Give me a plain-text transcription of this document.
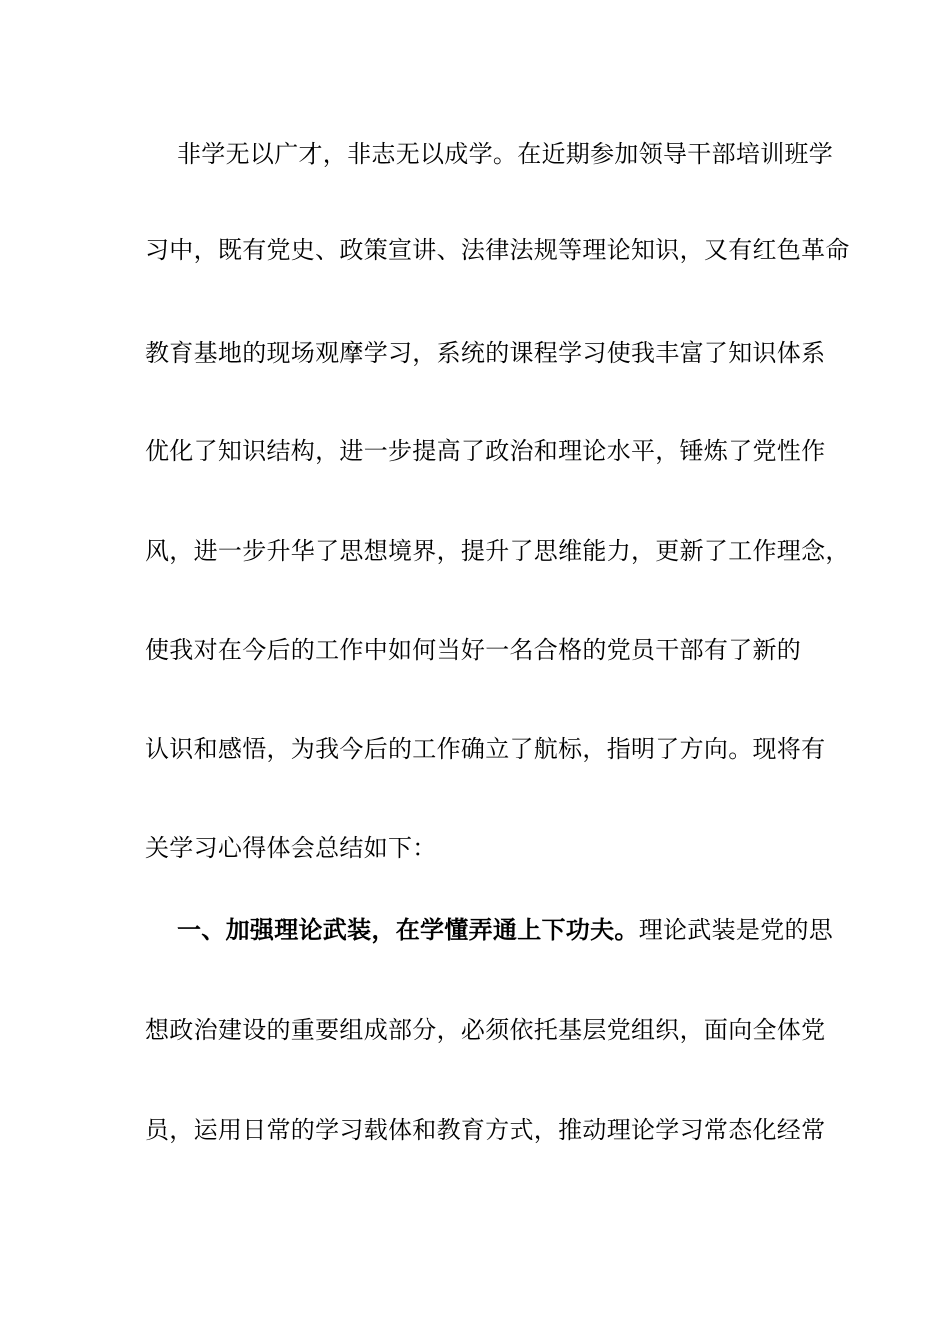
非学无以广才，非志无以成学。在近期参加领导干部培训班学
习中，既有党史、政策宣讲、法律法规等理论知识，又有红色革命
教育基地的现场观摩学习，系统的课程学习使我丰富了知识体系
优化了知识结构，进一步提高了政治和理论水平，锤炼了党性作
风，进一步升华了思想境界，提升了思维能力，更新了工作理念，
使我对在今后的工作中如何当好一名合格的党员干部有了新的
认识和感悟，为我今后的工作确立了航标，指明了方向。现将有
关学习心得体会总结如下：
一、加强理论武装，在学懂弄通上下功夫。理论武装是党的思
想政治建设的重要组成部分，必须依托基层党组织，面向全体党
员，运用日常的学习载体和教育方式，推动理论学习常态化经常
